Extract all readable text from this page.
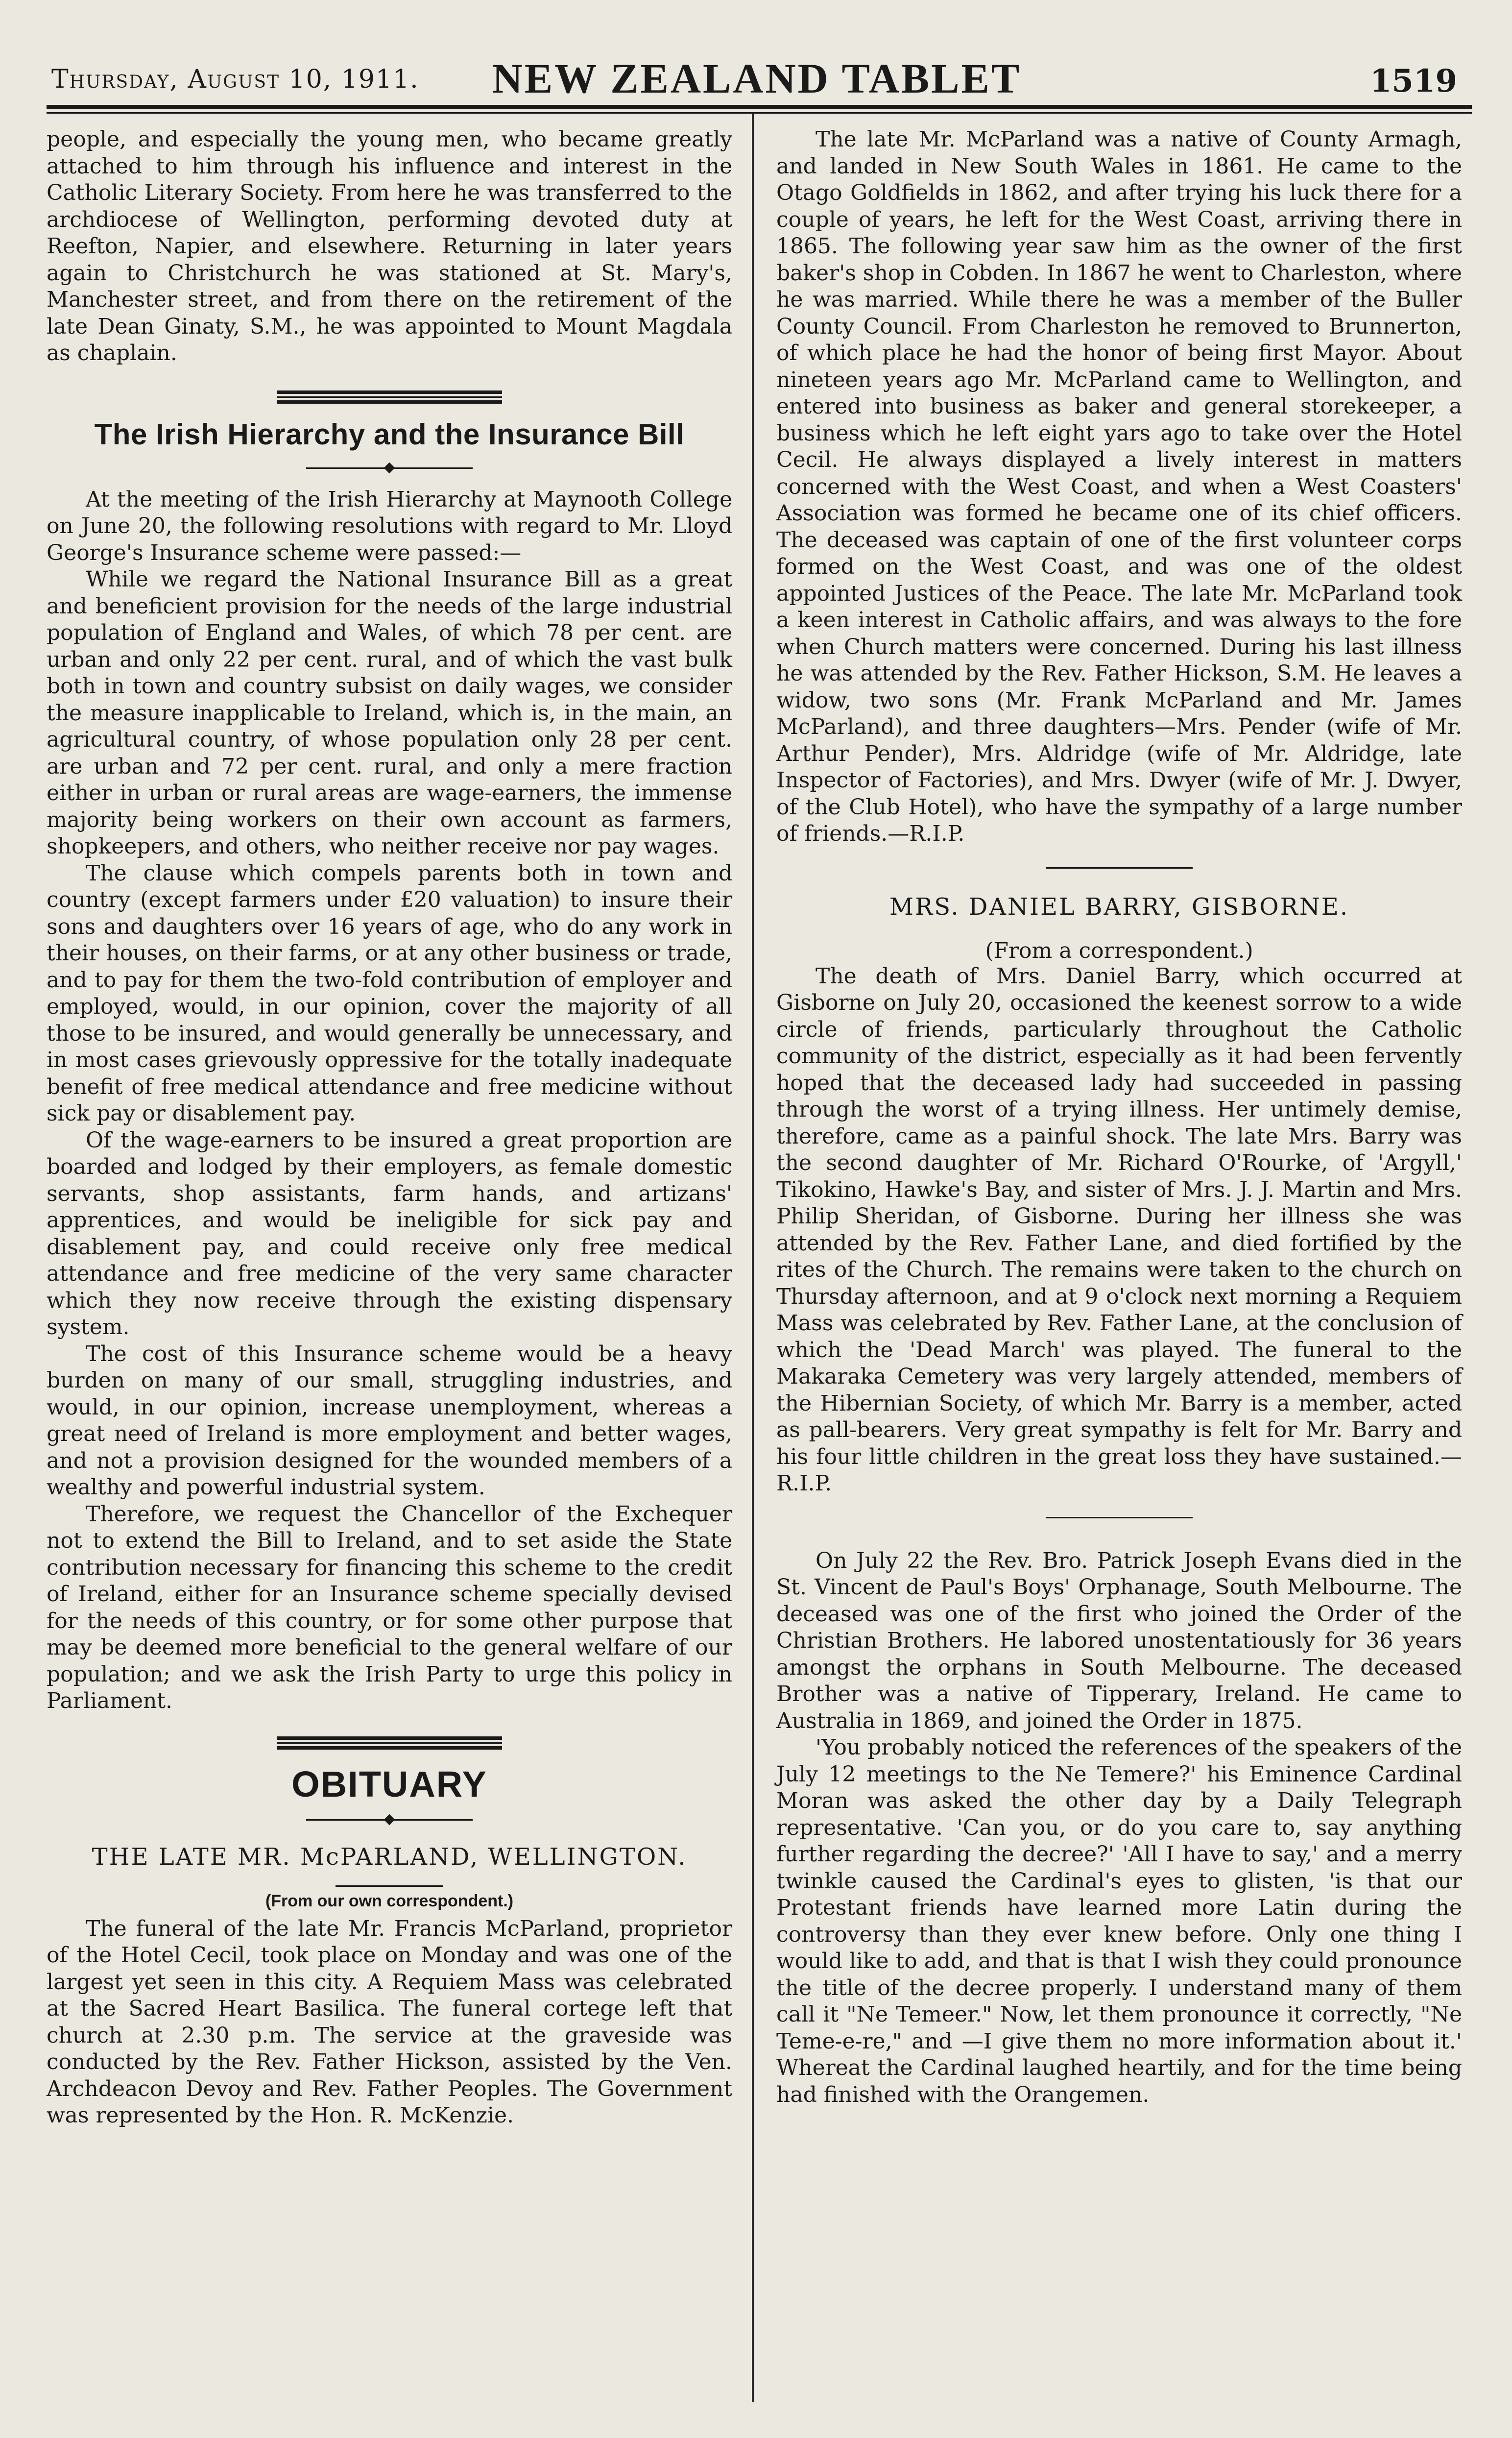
Thursday, August 10, 1911.	NEW ZEALAND TABLET	1519

people, and especially the young men, who became greatly attached to him through his influence and interest in the Catholic Literary Society. From here he was transferred to the archdiocese of Wellington, performing devoted duty at Reefton, Napier, and elsewhere. Returning in later years again to Christchurch he was stationed at St. Mary's, Manchester street, and from there on the retirement of the late Dean Ginaty, S.M., he was appointed to Mount Magdala as chaplain.

The Irish Hierarchy and the Insurance Bill

At the meeting of the Irish Hierarchy at Maynooth College on June 20, the following resolutions with regard to Mr. Lloyd George's Insurance scheme were passed:—

While we regard the National Insurance Bill as a great and beneficient provision for the needs of the large industrial population of England and Wales, of which 78 per cent. are urban and only 22 per cent. rural, and of which the vast bulk both in town and country subsist on daily wages, we consider the measure inapplicable to Ireland, which is, in the main, an agricultural country, of whose population only 28 per cent. are urban and 72 per cent. rural, and only a mere fraction either in urban or rural areas are wage-earners, the immense majority being workers on their own account as farmers, shopkeepers, and others, who neither receive nor pay wages.

The clause which compels parents both in town and country (except farmers under £20 valuation) to insure their sons and daughters over 16 years of age, who do any work in their houses, on their farms, or at any other business or trade, and to pay for them the two-fold contribution of employer and employed, would, in our opinion, cover the majority of all those to be insured, and would generally be unnecessary, and in most cases grievously oppressive for the totally inadequate benefit of free medical attendance and free medicine without sick pay or disablement pay.

Of the wage-earners to be insured a great proportion are boarded and lodged by their employers, as female domestic servants, shop assistants, farm hands, and artizans' apprentices, and would be ineligible for sick pay and disablement pay, and could receive only free medical attendance and free medicine of the very same character which they now receive through the existing dispensary system.

The cost of this Insurance scheme would be a heavy burden on many of our small, struggling industries, and would, in our opinion, increase unemployment, whereas a great need of Ireland is more employment and better wages, and not a provision designed for the wounded members of a wealthy and powerful industrial system.

Therefore, we request the Chancellor of the Exchequer not to extend the Bill to Ireland, and to set aside the State contribution necessary for financing this scheme to the credit of Ireland, either for an Insurance scheme specially devised for the needs of this country, or for some other purpose that may be deemed more beneficial to the general welfare of our population; and we ask the Irish Party to urge this policy in Parliament.

OBITUARY
THE LATE MR. McPARLAND, WELLINGTON.
(From our own correspondent.)

The funeral of the late Mr. Francis McParland, proprietor of the Hotel Cecil, took place on Monday and was one of the largest yet seen in this city. A Requiem Mass was celebrated at the Sacred Heart Basilica. The funeral cortege left that church at 2.30 p.m. The service at the graveside was conducted by the Rev. Father Hickson, assisted by the Ven. Archdeacon Devoy and Rev. Father Peoples. The Government was represented by the Hon. R. McKenzie.

The late Mr. McParland was a native of County Armagh, and landed in New South Wales in 1861. He came to the Otago Goldfields in 1862, and after trying his luck there for a couple of years, he left for the West Coast, arriving there in 1865. The following year saw him as the owner of the first baker's shop in Cobden. In 1867 he went to Charleston, where he was married. While there he was a member of the Buller County Council. From Charleston he removed to Brunnerton, of which place he had the honor of being first Mayor. About nineteen years ago Mr. McParland came to Wellington, and entered into business as baker and general storekeeper, a business which he left eight yars ago to take over the Hotel Cecil. He always displayed a lively interest in matters concerned with the West Coast, and when a West Coasters' Association was formed he became one of its chief officers. The deceased was captain of one of the first volunteer corps formed on the West Coast, and was one of the oldest appointed Justices of the Peace. The late Mr. McParland took a keen interest in Catholic affairs, and was always to the fore when Church matters were concerned. During his last illness he was attended by the Rev. Father Hickson, S.M. He leaves a widow, two sons (Mr. Frank McParland and Mr. James McParland), and three daughters—Mrs. Pender (wife of Mr. Arthur Pender), Mrs. Aldridge (wife of Mr. Aldridge, late Inspector of Factories), and Mrs. Dwyer (wife of Mr. J. Dwyer, of the Club Hotel), who have the sympathy of a large number of friends.—R.I.P.

MRS. DANIEL BARRY, GISBORNE.
(From a correspondent.)

The death of Mrs. Daniel Barry, which occurred at Gisborne on July 20, occasioned the keenest sorrow to a wide circle of friends, particularly throughout the Catholic community of the district, especially as it had been fervently hoped that the deceased lady had succeeded in passing through the worst of a trying illness. Her untimely demise, therefore, came as a painful shock. The late Mrs. Barry was the second daughter of Mr. Richard O'Rourke, of 'Argyll,' Tikokino, Hawke's Bay, and sister of Mrs. J. J. Martin and Mrs. Philip Sheridan, of Gisborne. During her illness she was attended by the Rev. Father Lane, and died fortified by the rites of the Church. The remains were taken to the church on Thursday afternoon, and at 9 o'clock next morning a Requiem Mass was celebrated by Rev. Father Lane, at the conclusion of which the 'Dead March' was played. The funeral to the Makaraka Cemetery was very largely attended, members of the Hibernian Society, of which Mr. Barry is a member, acted as pall-bearers. Very great sympathy is felt for Mr. Barry and his four little children in the great loss they have sustained.—R.I.P.

On July 22 the Rev. Bro. Patrick Joseph Evans died in the St. Vincent de Paul's Boys' Orphanage, South Melbourne. The deceased was one of the first who joined the Order of the Christian Brothers. He labored unostentatiously for 36 years amongst the orphans in South Melbourne. The deceased Brother was a native of Tipperary, Ireland. He came to Australia in 1869, and joined the Order in 1875.

'You probably noticed the references of the speakers of the July 12 meetings to the Ne Temere?' his Eminence Cardinal Moran was asked the other day by a Daily Telegraph representative. 'Can you, or do you care to, say anything further regarding the decree?' 'All I have to say,' and a merry twinkle caused the Cardinal's eyes to glisten, 'is that our Protestant friends have learned more Latin during the controversy than they ever knew before. Only one thing I would like to add, and that is that I wish they could pronounce the title of the decree properly. I understand many of them call it "Ne Temeer." Now, let them pronounce it correctly, "Ne Teme-e-re," and —I give them no more information about it.' Whereat the Cardinal laughed heartily, and for the time being had finished with the Orangemen.
